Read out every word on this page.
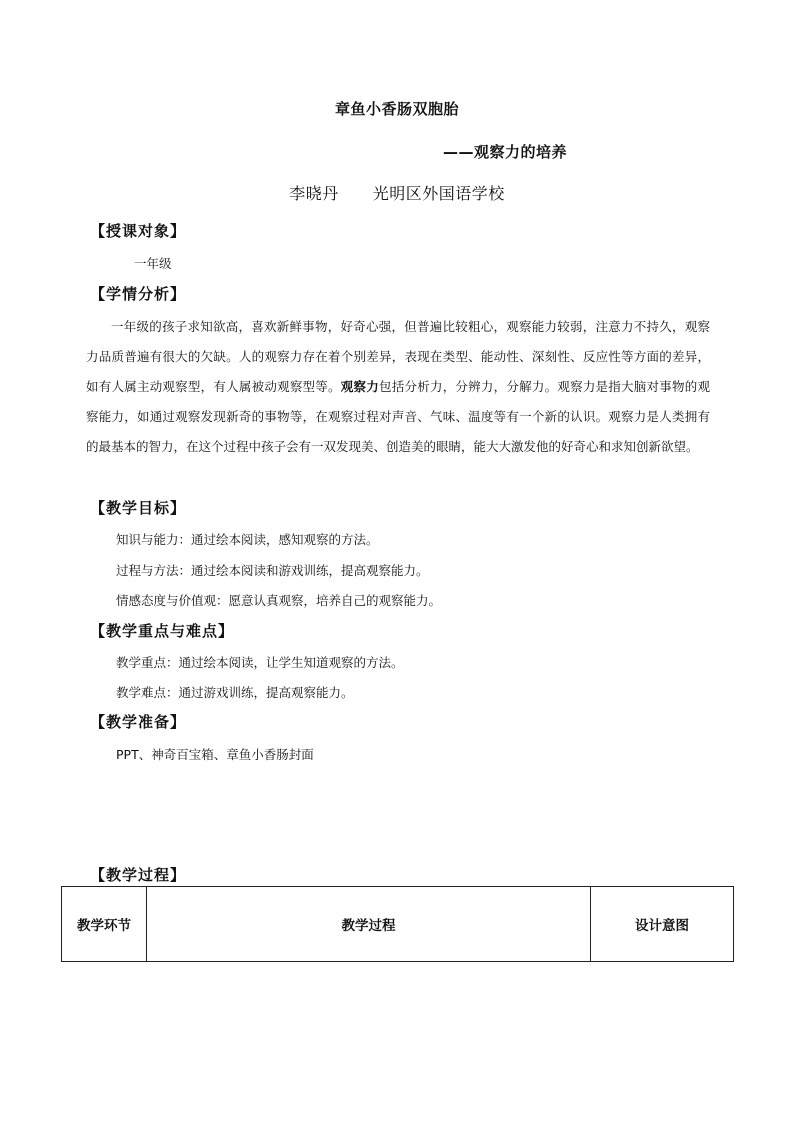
章鱼小香肠双胞胎
——观察力的培养
李晓丹 光明区外国语学校
【授课对象】
一年级
【学情分析】

一年级的孩子求知欲高，喜欢新鲜事物，好奇心强，但普遍比较粗心，观察能力较弱，注意力不持久，观察力品质普遍有很大的欠缺。人的观察力存在着个别差异，表现在类型、能动性、深刻性、反应性等方面的差异，如有人属主动观察型，有人属被动观察型等。观察力包括分析力，分辨力，分解力。观察力是指大脑对事物的观察能力，如通过观察发现新奇的事物等，在观察过程对声音、气味、温度等有一个新的认识。观察力是人类拥有的最基本的智力，在这个过程中孩子会有一双发现美、创造美的眼睛，能大大激发他的好奇心和求知创新欲望。

【教学目标】
知识与能力：通过绘本阅读，感知观察的方法。
过程与方法：通过绘本阅读和游戏训练，提高观察能力。
情感态度与价值观：愿意认真观察，培养自己的观察能力。
【教学重点与难点】
教学重点：通过绘本阅读，让学生知道观察的方法。
教学难点：通过游戏训练，提高观察能力。
【教学准备】
PPT、神奇百宝箱、章鱼小香肠封面
【教学过程】
教学环节	教学过程	设计意图
